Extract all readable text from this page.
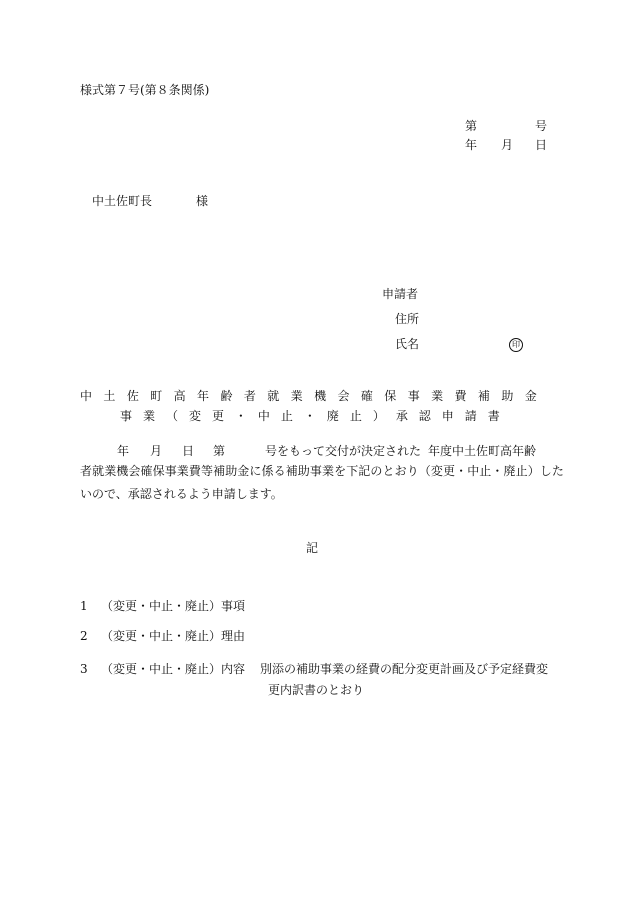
様式第７号(第８条関係)
第	号
年 月 日
中土佐町長	様
申請者
住所
氏名	印
中 土 佐 町 高 年 齢 者 就 業 機 会 確 保 事 業 費 補 助 金
事 業 （ 変 更 ・ 中 止 ・ 廃 止 ） 承 認 申 請 書
年 月 日 第	号をもって交付が決定された 年度中土佐町高年齢
者就業機会確保事業費等補助金に係る補助事業を下記のとおり（変更・中止・廃止）した
いので、承認されるよう申請します。
記
1 （変更・中止・廃止）事項
2 （変更・中止・廃止）理由
3 （変更・中止・廃止）内容 別添の補助事業の経費の配分変更計画及び予定経費変
更内訳書のとおり
